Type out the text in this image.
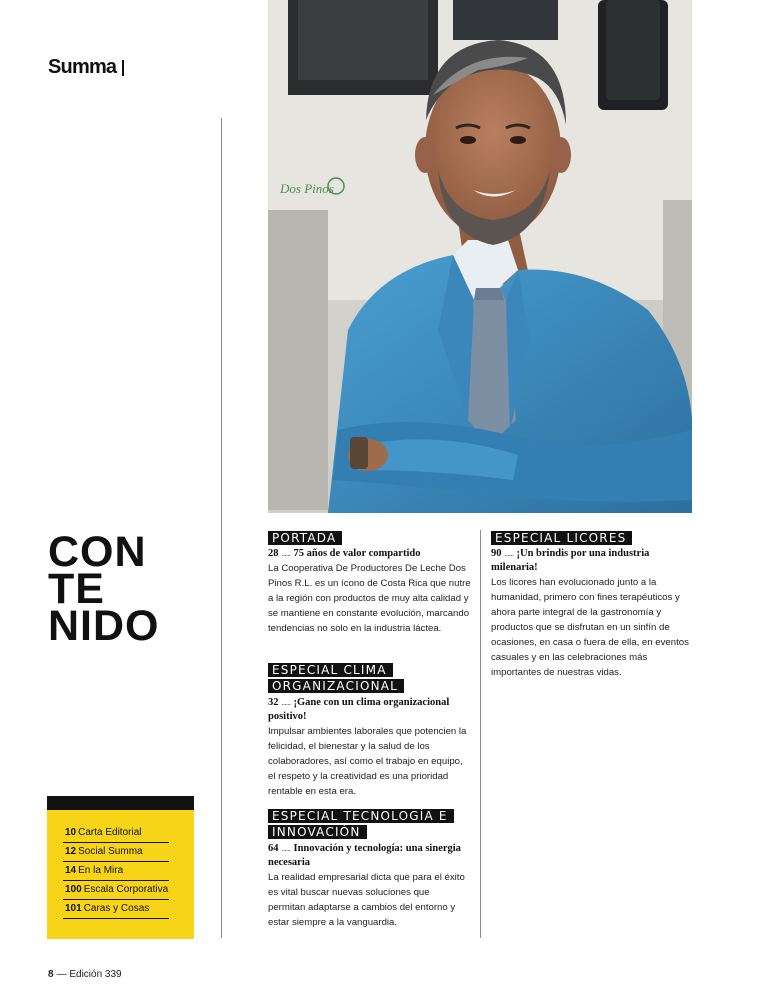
Summa
Dos Pinos
CON
TE
NIDO
10 Carta Editorial
12 Social Summa
14 En la Mira
100 Escala Corporativa
101 Caras y Cosas
PORTADA
28 ...... 75 años de valor compartido
La Cooperativa De Productores De Leche Dos Pinos R.L. es un ícono de Costa Rica que nutre a la región con productos de muy alta calidad y se mantiene en constante evolución, marcando tendencias no solo en la industria láctea.
ESPECIAL CLIMA ORGANIZACIONAL
32 ...... ¡Gane con un clima organizacional positivo!
Impulsar ambientes laborales que potencien la felicidad, el bienestar y la salud de los colaboradores, así como el trabajo en equipo, el respeto y la creatividad es una prioridad rentable en esta era.
ESPECIAL TECNOLOGÍA E INNOVACIÓN
64 ...... Innovación y tecnología: una sinergia necesaria
La realidad empresarial dicta que para el éxito es vital buscar nuevas soluciones que permitan adaptarse a cambios del entorno y estar siempre a la vanguardia.
ESPECIAL LICORES
90 ...... ¡Un brindis por una industria milenaria!
Los licores han evolucionado junto a la humanidad, primero con fines terapéuticos y ahora parte integral de la gastronomía y productos que se disfrutan en un sinfín de ocasiones, en casa o fuera de ella, en eventos casuales y en las celebraciones más importantes de nuestras vidas.
8 — Edición 339
